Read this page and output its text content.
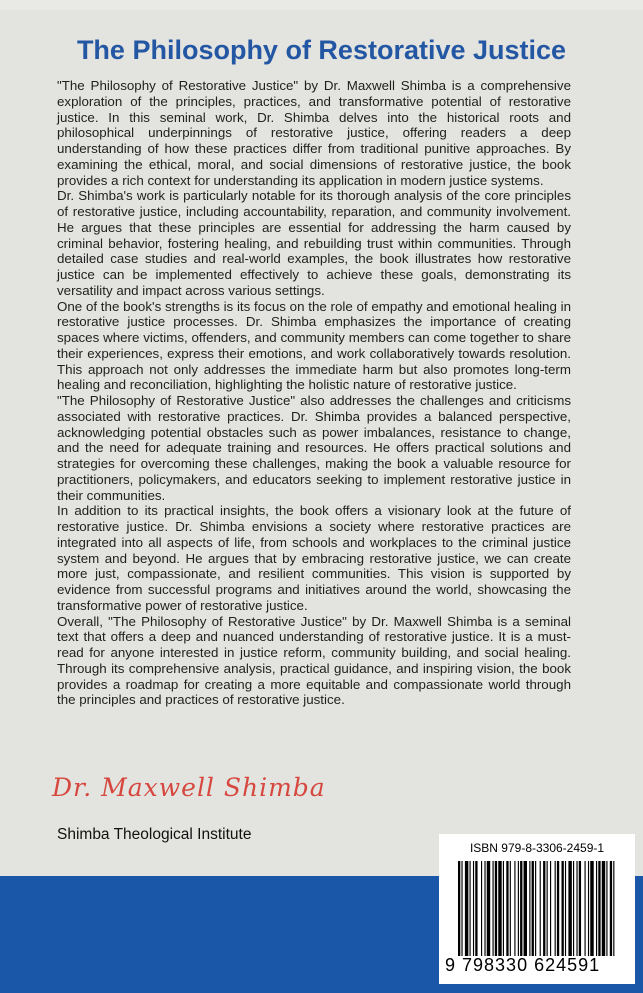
The Philosophy of Restorative Justice

"The Philosophy of Restorative Justice" by Dr. Maxwell Shimba is a comprehensive exploration of the principles, practices, and transformative potential of restorative justice. In this seminal work, Dr. Shimba delves into the historical roots and philosophical underpinnings of restorative justice, offering readers a deep understanding of how these practices differ from traditional punitive approaches. By examining the ethical, moral, and social dimensions of restorative justice, the book provides a rich context for understanding its application in modern justice systems.

Dr. Shimba's work is particularly notable for its thorough analysis of the core principles of restorative justice, including accountability, reparation, and community involvement. He argues that these principles are essential for addressing the harm caused by criminal behavior, fostering healing, and rebuilding trust within communities. Through detailed case studies and real-world examples, the book illustrates how restorative justice can be implemented effectively to achieve these goals, demonstrating its versatility and impact across various settings.

One of the book's strengths is its focus on the role of empathy and emotional healing in restorative justice processes. Dr. Shimba emphasizes the importance of creating spaces where victims, offenders, and community members can come together to share their experiences, express their emotions, and work collaboratively towards resolution. This approach not only addresses the immediate harm but also promotes long-term healing and reconciliation, highlighting the holistic nature of restorative justice.

"The Philosophy of Restorative Justice" also addresses the challenges and criticisms associated with restorative practices. Dr. Shimba provides a balanced perspective, acknowledging potential obstacles such as power imbalances, resistance to change, and the need for adequate training and resources. He offers practical solutions and strategies for overcoming these challenges, making the book a valuable resource for practitioners, policymakers, and educators seeking to implement restorative justice in their communities.

In addition to its practical insights, the book offers a visionary look at the future of restorative justice. Dr. Shimba envisions a society where restorative practices are integrated into all aspects of life, from schools and workplaces to the criminal justice system and beyond. He argues that by embracing restorative justice, we can create more just, compassionate, and resilient communities. This vision is supported by evidence from successful programs and initiatives around the world, showcasing the transformative power of restorative justice.

Overall, "The Philosophy of Restorative Justice" by Dr. Maxwell Shimba is a seminal text that offers a deep and nuanced understanding of restorative justice. It is a must-read for anyone interested in justice reform, community building, and social healing. Through its comprehensive analysis, practical guidance, and inspiring vision, the book provides a roadmap for creating a more equitable and compassionate world through the principles and practices of restorative justice.

Dr. Maxwell Shimba
Shimba Theological Institute
ISBN 979-8-3306-2459-1
9 798330 624591
